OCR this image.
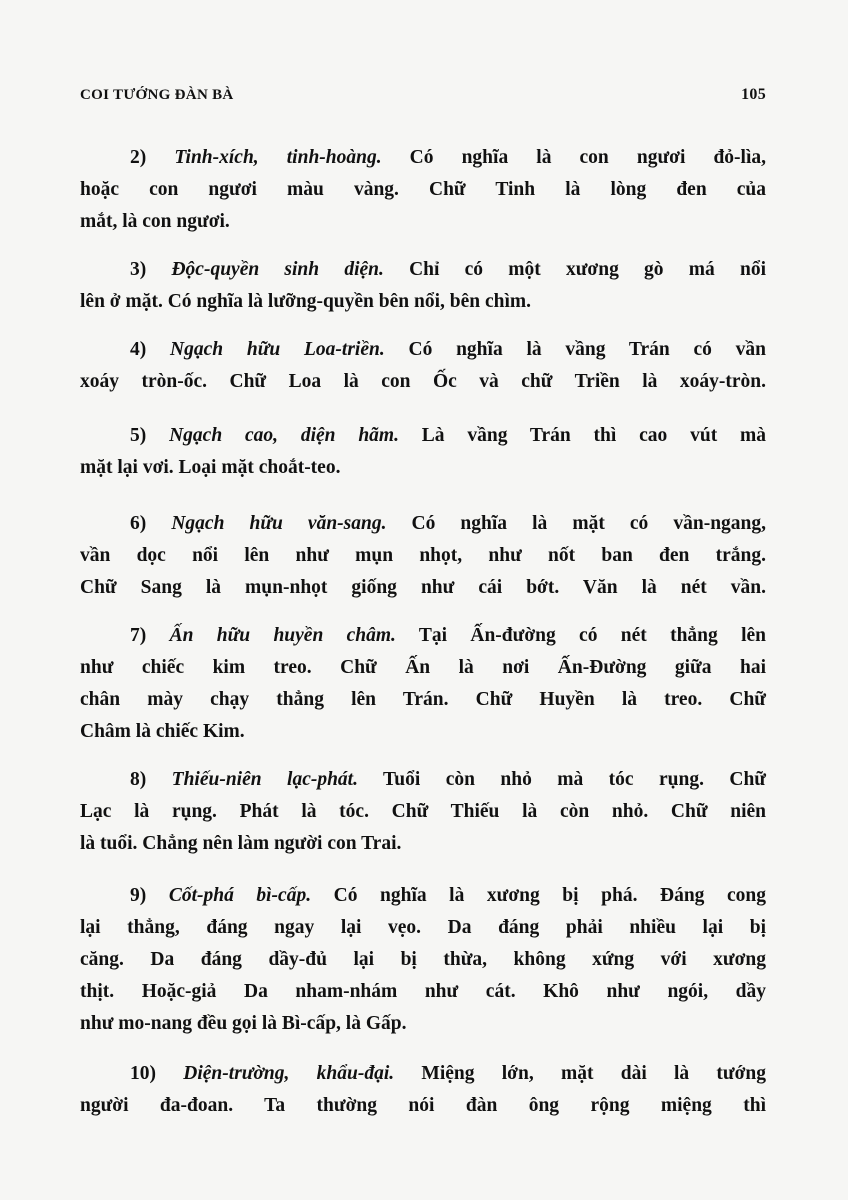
COI TƯỚNG ĐÀN BÀ	105
2) Tinh-xích, tinh-hoàng. Có nghĩa là con ngươi đỏ-lìa,
hoặc con ngươi màu vàng. Chữ Tinh là lòng đen của
mắt, là con ngươi.
3) Độc-quyền sinh diện. Chỉ có một xương gò má nổi
lên ở mặt. Có nghĩa là lưỡng-quyền bên nổi, bên chìm.
4) Ngạch hữu Loa-triền. Có nghĩa là vầng Trán có vần
xoáy tròn-ốc. Chữ Loa là con Ốc và chữ Triền là xoáy-tròn.
5) Ngạch cao, diện hãm. Là vầng Trán thì cao vút mà
mặt lại vơi. Loại mặt choắt-teo.
6) Ngạch hữu văn-sang. Có nghĩa là mặt có vần-ngang,
vần dọc nổi lên như mụn nhọt, như nốt ban đen trắng.
Chữ Sang là mụn-nhọt giống như cái bớt. Văn là nét vần.
7) Ấn hữu huyền châm. Tại Ấn-đường có nét thẳng lên
như chiếc kim treo. Chữ Ấn là nơi Ấn-Đường giữa hai
chân mày chạy thẳng lên Trán. Chữ Huyền là treo. Chữ
Châm là chiếc Kim.
8) Thiếu-niên lạc-phát. Tuổi còn nhỏ mà tóc rụng. Chữ
Lạc là rụng. Phát là tóc. Chữ Thiếu là còn nhỏ. Chữ niên
là tuổi. Chẳng nên làm người con Trai.
9) Cốt-phá bì-cấp. Có nghĩa là xương bị phá. Đáng cong
lại thẳng, đáng ngay lại vẹo. Da đáng phải nhiều lại bị
căng. Da đáng dầy-đủ lại bị thừa, không xứng với xương
thịt. Hoặc-giả Da nham-nhám như cát. Khô như ngói, dầy
như mo-nang đều gọi là Bì-cấp, là Gấp.
10) Diện-trường, khẩu-đại. Miệng lớn, mặt dài là tướng
người đa-đoan. Ta thường nói đàn ông rộng miệng thì
